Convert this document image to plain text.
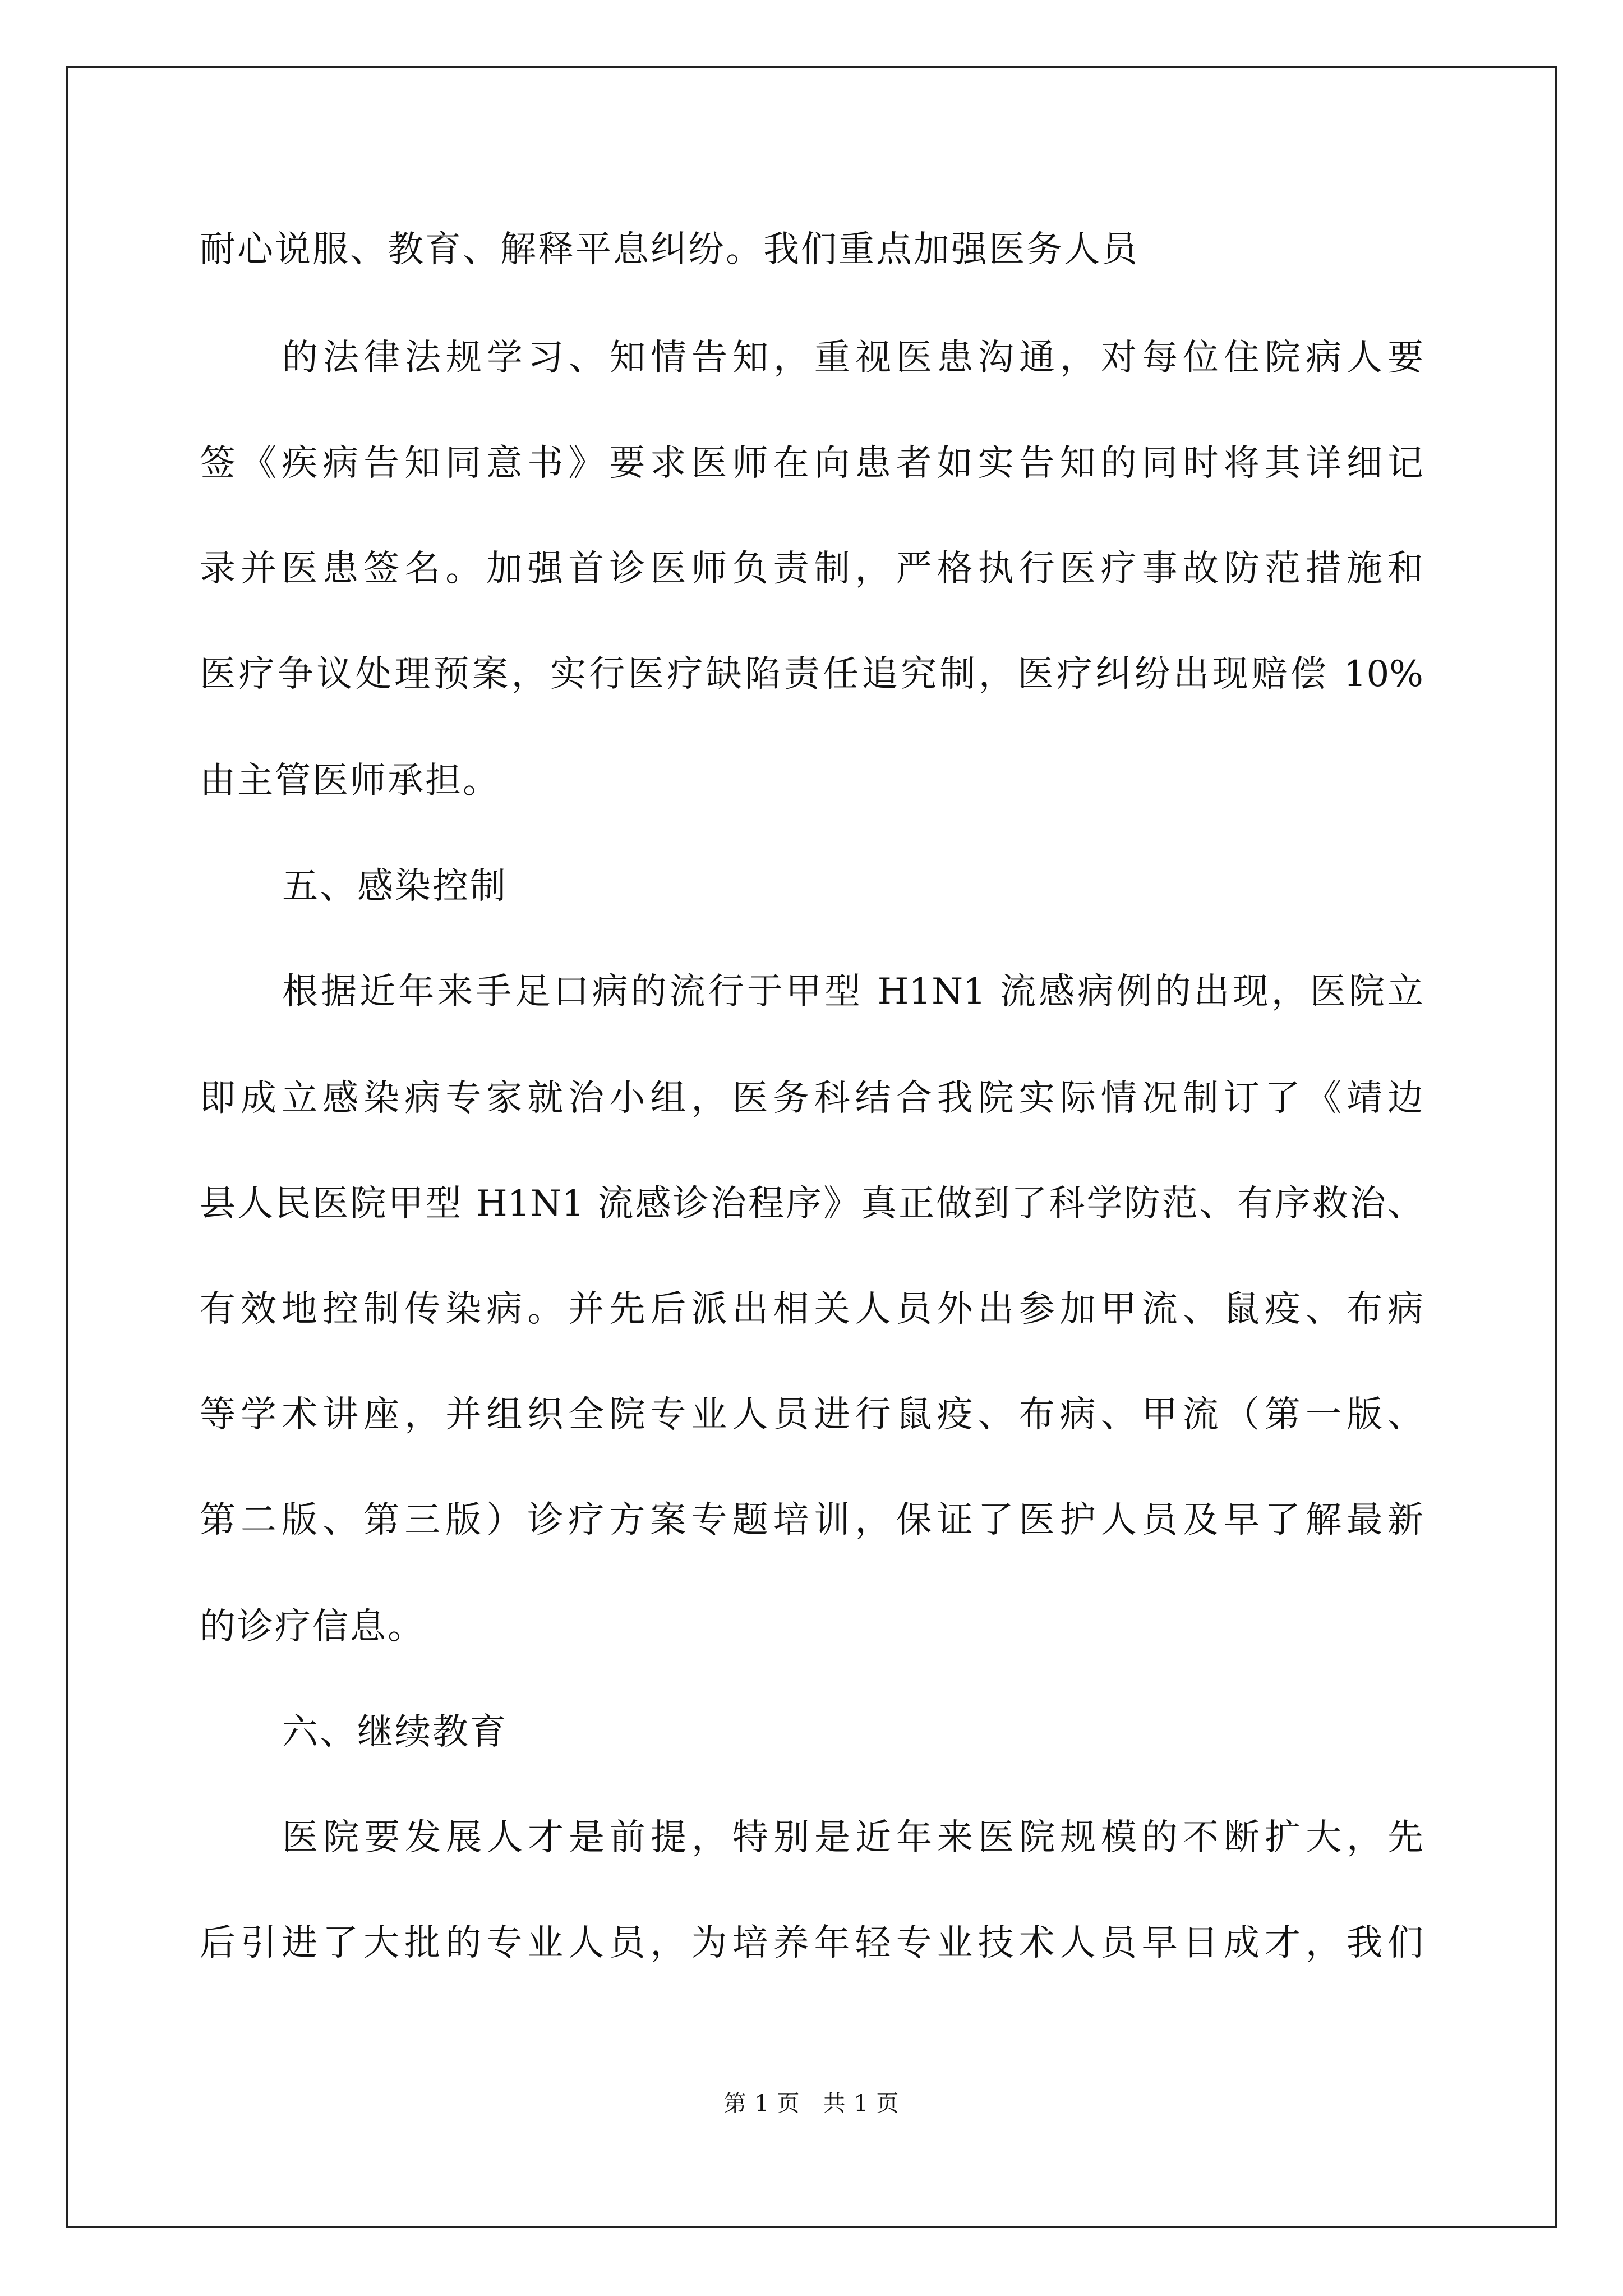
耐心说服、教育、解释平息纠纷。我们重点加强医务人员
的法律法规学习、知情告知，重视医患沟通，对每位住院病人要
签《疾病告知同意书》要求医师在向患者如实告知的同时将其详细记
录并医患签名。加强首诊医师负责制，严格执行医疗事故防范措施和
医疗争议处理预案，实行医疗缺陷责任追究制，医疗纠纷出现赔偿 10%
由主管医师承担。
五、感染控制
根据近年来手足口病的流行于甲型 H1N1 流感病例的出现，医院立
即成立感染病专家就治小组，医务科结合我院实际情况制订了《靖边
县人民医院甲型 H1N1 流感诊治程序》真正做到了科学防范、有序救治、
有效地控制传染病。并先后派出相关人员外出参加甲流、鼠疫、布病
等学术讲座，并组织全院专业人员进行鼠疫、布病、甲流（第一版、
第二版、第三版）诊疗方案专题培训，保证了医护人员及早了解最新
的诊疗信息。
六、继续教育
医院要发展人才是前提，特别是近年来医院规模的不断扩大，先
后引进了大批的专业人员，为培养年轻专业技术人员早日成才，我们
第 1 页　共 1 页
